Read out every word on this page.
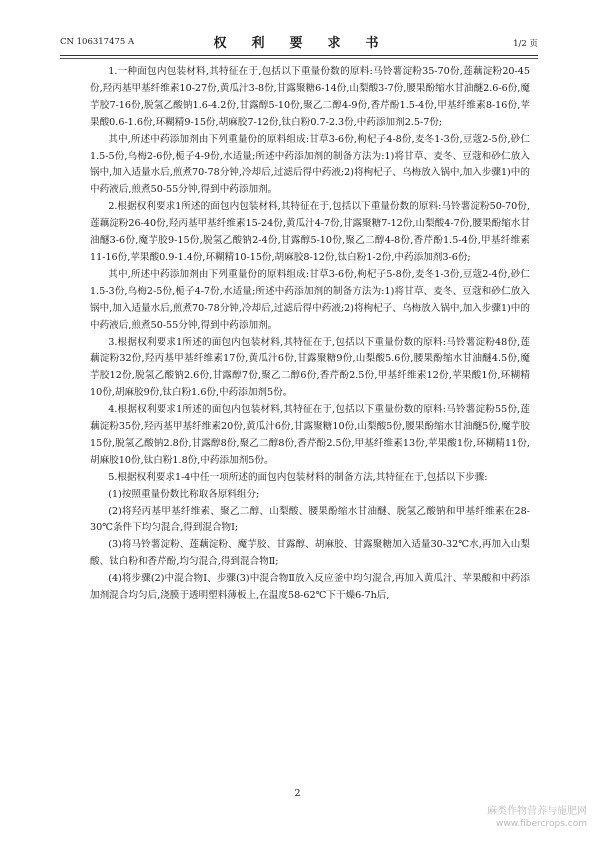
CN 106317475 A	权　利　要　求　书	1/2 页

1.一种面包内包装材料,其特征在于,包括以下重量份数的原料:马铃薯淀粉35-70份,莲藕淀粉20-45份,羟丙基甲基纤维素10-27份,黄瓜汁3-8份,甘露聚糖6-14份,山梨酸3-7份,腰果酚缩水甘油醚2.6-6份,魔芋胶7-16份,脱氢乙酸钠1.6-4.2份,甘露醇5-10份,聚乙二醇4-9份,香芹酚1.5-4份,甲基纤维素8-16份,苹果酸0.6-1.6份,环糊精9-15份,胡麻胶7-12份,钛白粉0.7-2.3份,中药添加剂2.5-7份;

其中,所述中药添加剂由下列重量份的原料组成:甘草3-6份,枸杞子4-8份,麦冬1-3份,豆蔻2-5份,砂仁1.5-5份,乌梅2-6份,栀子4-9份,水适量;所述中药添加剂的制备方法为:1)将甘草、麦冬、豆蔻和砂仁放入锅中,加入适量水后,煎煮70-78分钟,冷却后,过滤后得中药液;2)将枸杞子、乌梅放入锅中,加入步骤1)中的中药液后,煎煮50-55分钟,得到中药添加剂。

2.根据权利要求1所述的面包内包装材料,其特征在于,包括以下重量份数的原料:马铃薯淀粉50-70份,莲藕淀粉26-40份,羟丙基甲基纤维素15-24份,黄瓜汁4-7份,甘露聚糖7-12份,山梨酸4-7份,腰果酚缩水甘油醚3-6份,魔芋胶9-15份,脱氢乙酸钠2-4份,甘露醇5-10份,聚乙二醇4-8份,香芹酚1.5-4份,甲基纤维素11-16份,苹果酸0.9-1.4份,环糊精10-15份,胡麻胶8-12份,钛白粉1-2份,中药添加剂3-6份;

其中,所述中药添加剂由下列重量份的原料组成:甘草3-6份,枸杞子5-8份,麦冬1-3份,豆蔻2-4份,砂仁1.5-3份,乌梅2-5份,栀子4-7份,水适量;所述中药添加剂的制备方法为:1)将甘草、麦冬、豆蔻和砂仁放入锅中,加入适量水后,煎煮70-78分钟,冷却后,过滤后得中药液;2)将枸杞子、乌梅放入锅中,加入步骤1)中的中药液后,煎煮50-55分钟,得到中药添加剂。

3.根据权利要求1所述的面包内包装材料,其特征在于,包括以下重量份数的原料:马铃薯淀粉48份,莲藕淀粉32份,羟丙基甲基纤维素17份,黄瓜汁6份,甘露聚糖9份,山梨酸5.6份,腰果酚缩水甘油醚4.5份,魔芋胶12份,脱氢乙酸钠2.6份,甘露醇7份,聚乙二醇6份,香芹酚2.5份,甲基纤维素12份,苹果酸1份,环糊精10份,胡麻胶9份,钛白粉1.6份,中药添加剂5份。

4.根据权利要求1所述的面包内包装材料,其特征在于,包括以下重量份数的原料:马铃薯淀粉55份,莲藕淀粉35份,羟丙基甲基纤维素20份,黄瓜汁6份,甘露聚糖10份,山梨酸5份,腰果酚缩水甘油醚5份,魔芋胶15份,脱氢乙酸钠2.8份,甘露醇8份,聚乙二醇8份,香芹酚2.5份,甲基纤维素13份,苹果酸1份,环糊精11份,胡麻胶10份,钛白粉1.8份,中药添加剂5份。

5.根据权利要求1-4中任一项所述的面包内包装材料的制备方法,其特征在于,包括以下步骤:

(1)按照重量份数比称取各原料组分;

(2)将羟丙基甲基纤维素、聚乙二醇、山梨酸、腰果酚缩水甘油醚、脱氢乙酸钠和甲基纤维素在28-30℃条件下均匀混合,得到混合物Ⅰ;

(3)将马铃薯淀粉、莲藕淀粉、魔芋胶、甘露醇、胡麻胶、甘露聚糖加入适量30-32℃水,再加入山梨酸、钛白粉和香芹酚,均匀混合,得到混合物Ⅱ;

(4)将步骤(2)中混合物Ⅰ、步骤(3)中混合物Ⅱ放入反应釜中均匀混合,再加入黄瓜汁、苹果酸和中药添加剂混合均匀后,浇膜于透明塑料薄板上,在温度58-62℃下干燥6-7h后,

2
麻类作物营养与施肥网
www.fibercrops.com
